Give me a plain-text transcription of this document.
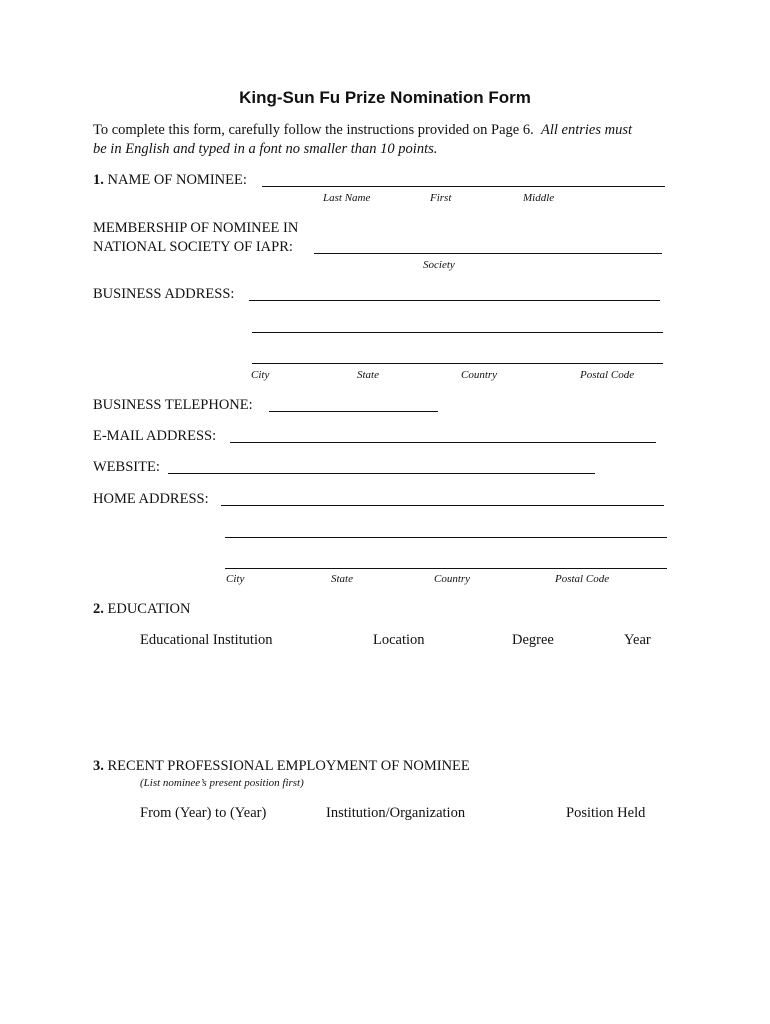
King-Sun Fu Prize Nomination Form
To complete this form, carefully follow the instructions provided on Page 6. All entries must
be in English and typed in a font no smaller than 10 points.
1. NAME OF NOMINEE:
Last Name	First	Middle
MEMBERSHIP OF NOMINEE IN
NATIONAL SOCIETY OF IAPR:
Society
BUSINESS ADDRESS:
City	State	Country	Postal Code
BUSINESS TELEPHONE:
E-MAIL ADDRESS:
WEBSITE:
HOME ADDRESS:
City	State	Country	Postal Code
2. EDUCATION
Educational Institution	Location	Degree	Year
3. RECENT PROFESSIONAL EMPLOYMENT OF NOMINEE
(List nominee’s present position first)
From (Year) to (Year)	Institution/Organization	Position Held
